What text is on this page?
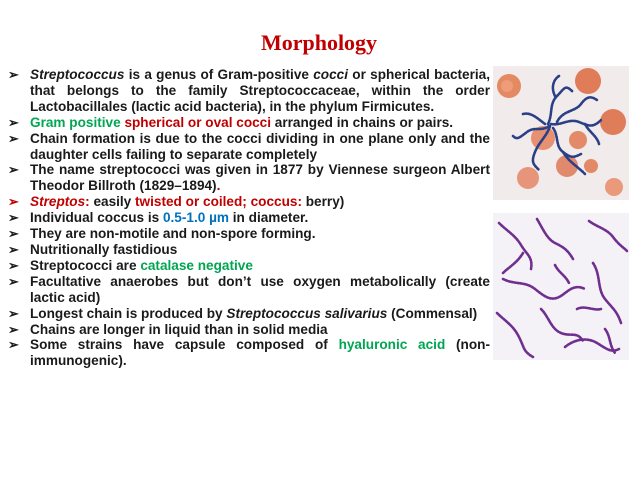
Morphology
➢ Streptococcus is a genus of Gram-positive cocci or spherical bacteria, that belongs to the family Streptococcaceae, within the order Lactobacillales (lactic acid bacteria), in the phylum Firmicutes.
➢ Gram positive spherical or oval cocci arranged in chains or pairs.
➢ Chain formation is due to the cocci dividing in one plane only and the daughter cells failing to separate completely
➢ The name streptococci was given in 1877 by Viennese surgeon Albert Theodor Billroth (1829–1894).
➢ Streptos: easily twisted or coiled; coccus: berry)
➢ Individual coccus is 0.5-1.0 µm in diameter.
➢ They are non-motile and non-spore forming.
➢ Nutritionally fastidious
➢ Streptococci are catalase negative
➢ Facultative anaerobes but don’t use oxygen metabolically (create lactic acid)
➢ Longest chain is produced by Streptococcus salivarius (Commensal)
➢ Chains are longer in liquid than in solid media
➢ Some strains have capsule composed of hyaluronic acid (non-immunogenic).
